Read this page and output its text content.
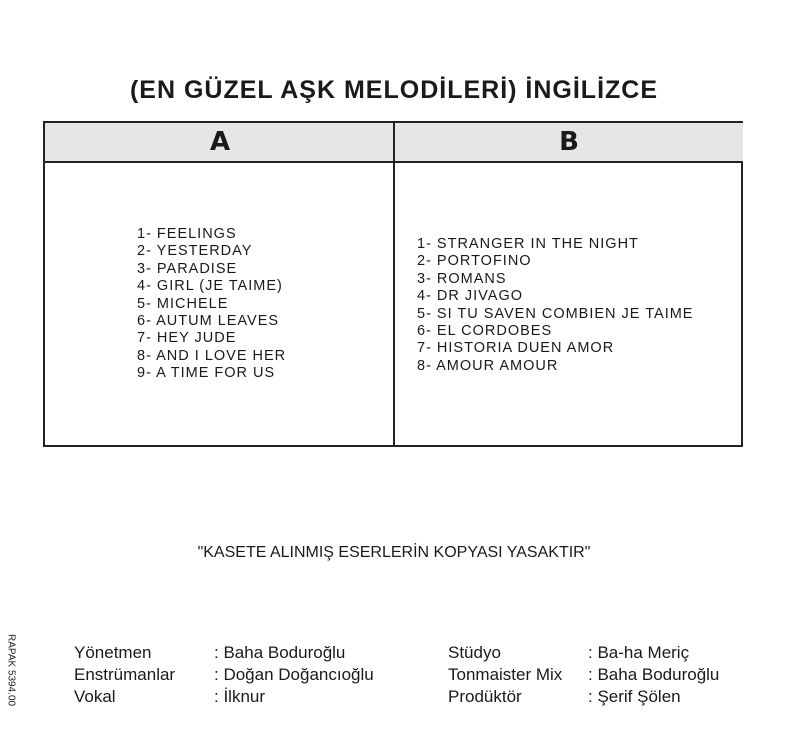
(EN GÜZEL AŞK MELODİLERİ) İNGİLİZCE
A	B
1- FEELINGS
2- YESTERDAY
3- PARADISE
4- GIRL (JE TAIME)
5- MICHELE
6- AUTUM LEAVES
7- HEY JUDE
8- AND I LOVE HER
9- A TIME FOR US
1- STRANGER IN THE NIGHT
2- PORTOFINO
3- ROMANS
4- DR JIVAGO
5- SI TU SAVEN COMBIEN JE TAIME
6- EL CORDOBES
7- HISTORIA DUEN AMOR
8- AMOUR AMOUR
"KASETE ALINMIŞ ESERLERİN KOPYASI YASAKTIR"
RAPAK 5394.00	Yönetmen	: Baha Boduroğlu
Enstrümanlar	: Doğan Doğancıoğlu
Vokal	: İlknur
Stüdyo	: Ba-ha Meriç
Tonmaister Mix	: Baha Boduroğlu
Prodüktör	: Şerif Şölen
